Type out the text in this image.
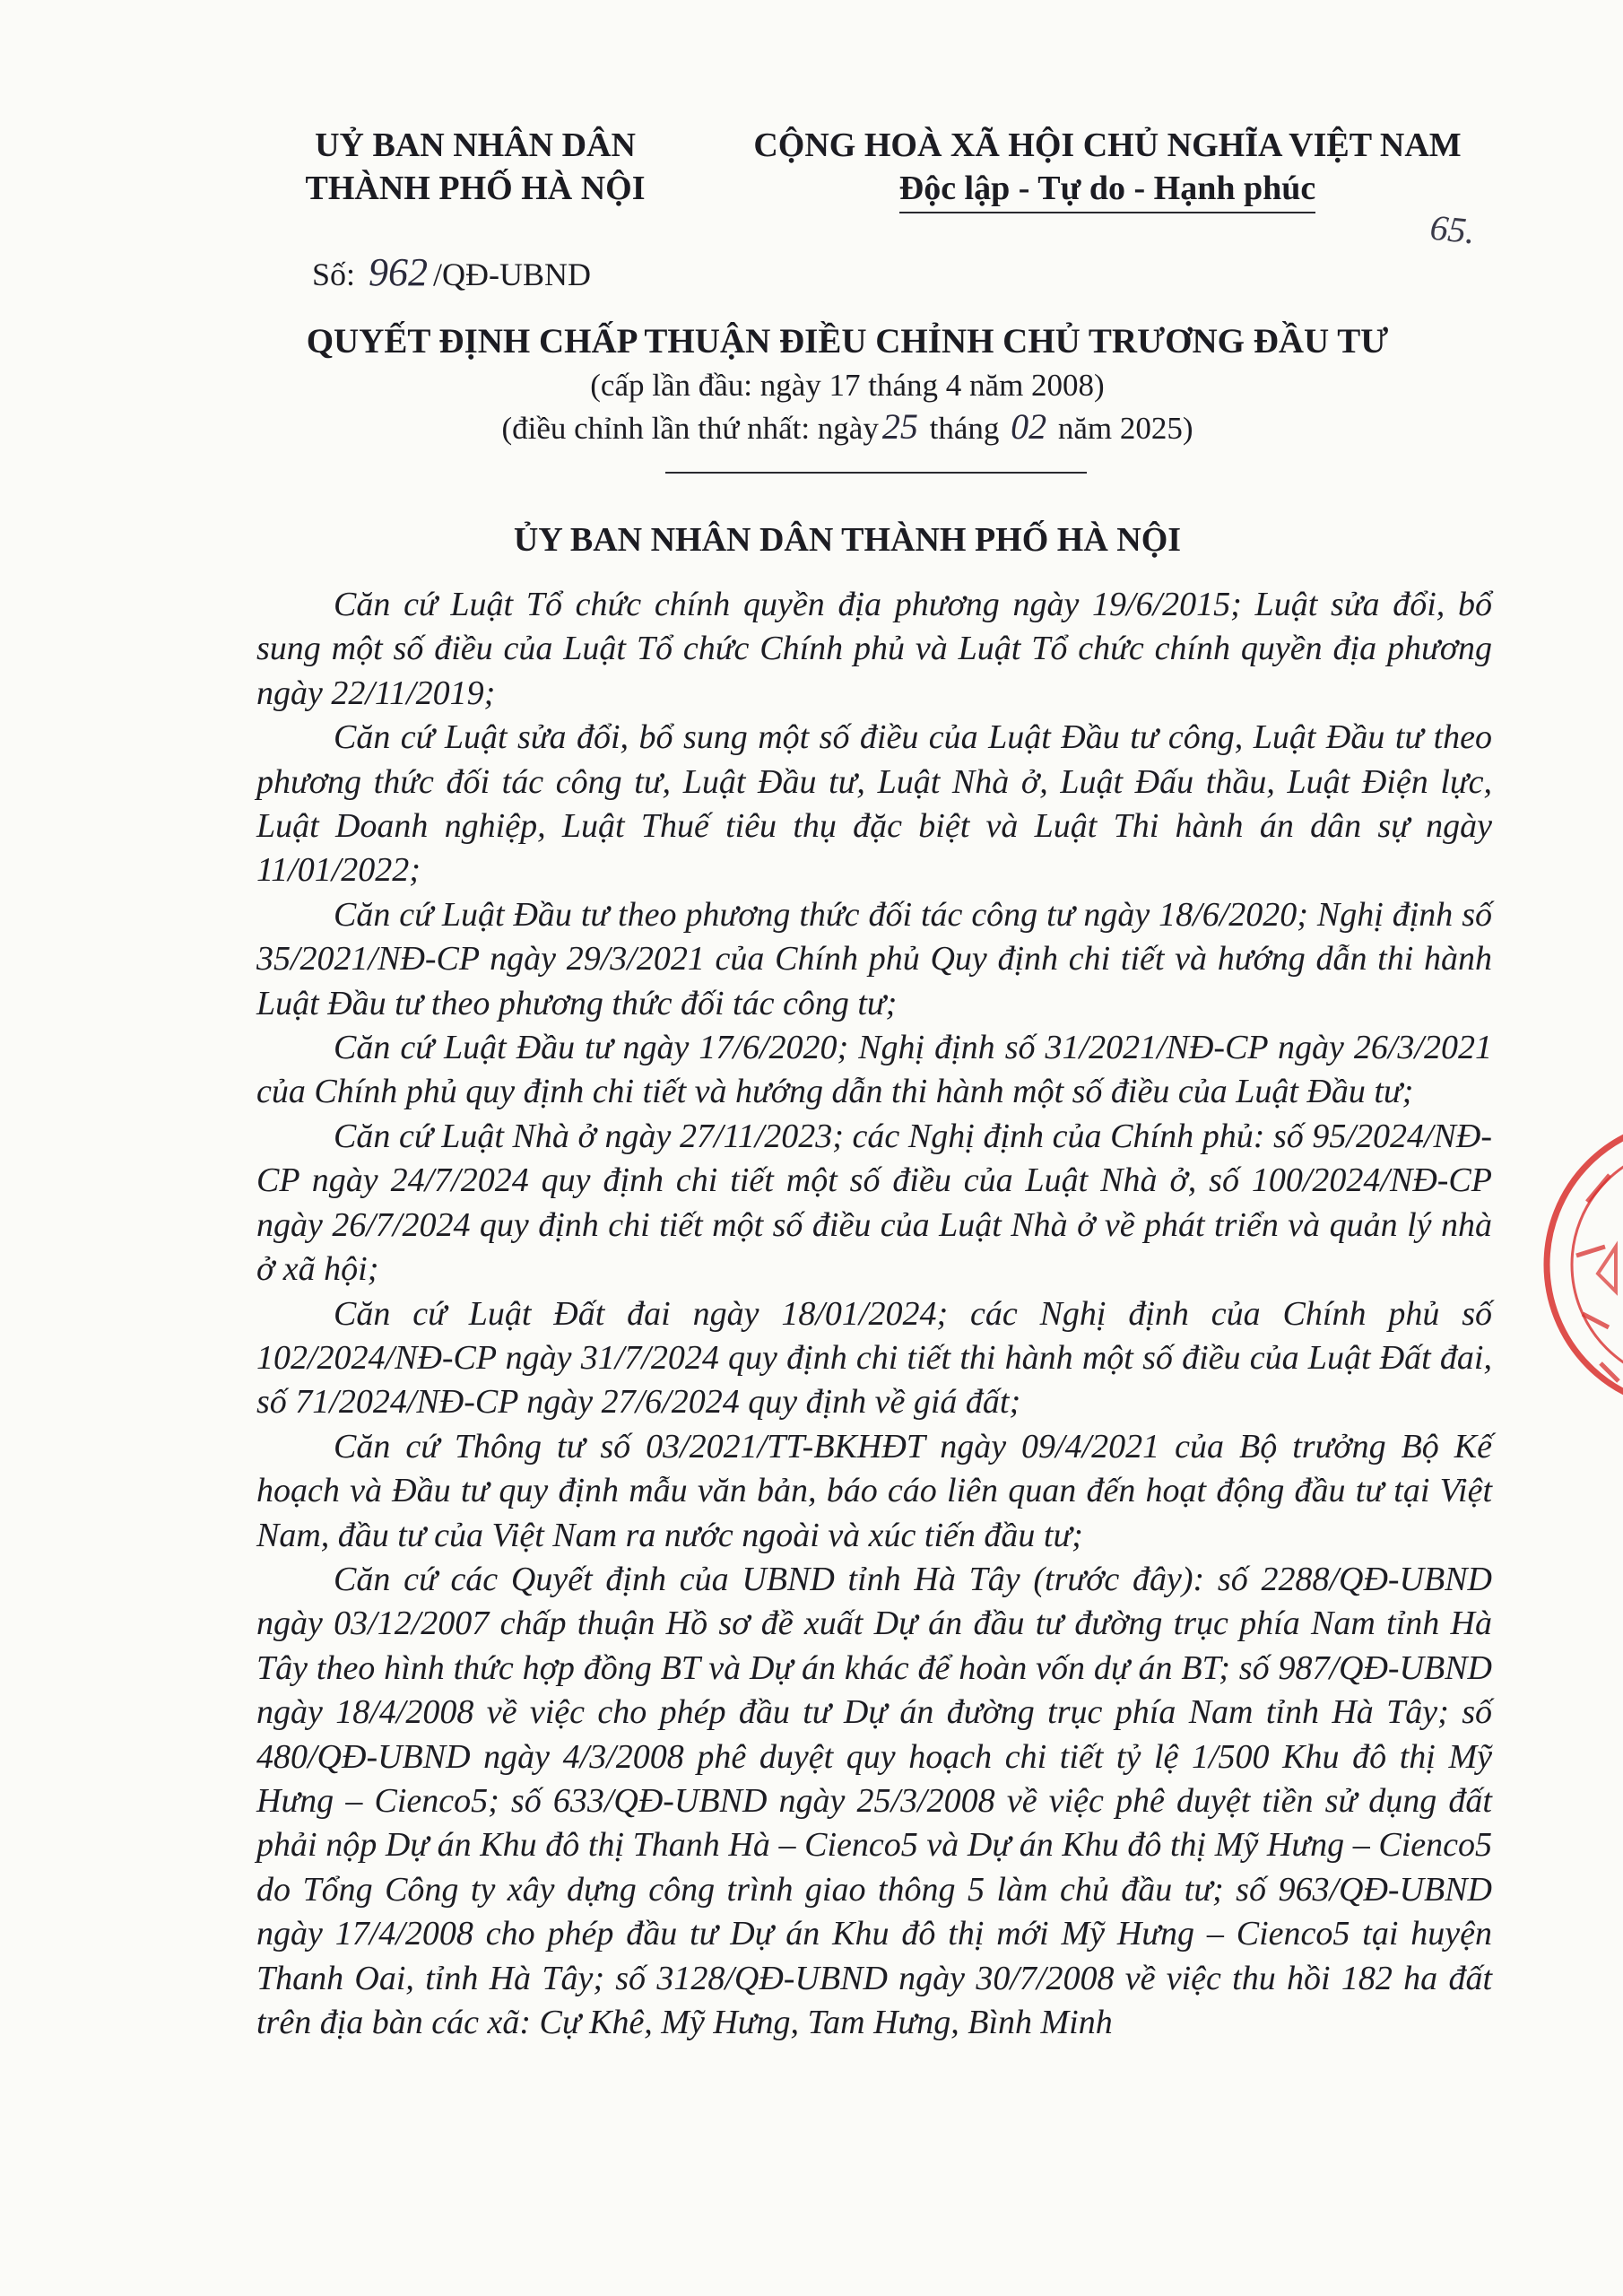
UỶ BAN NHÂN DÂN
THÀNH PHỐ HÀ NỘI
CỘNG HOÀ XÃ HỘI CHỦ NGHĨA VIỆT NAM
Độc lập - Tự do - Hạnh phúc
65.
Số: 962 /QĐ-UBND
QUYẾT ĐỊNH CHẤP THUẬN ĐIỀU CHỈNH CHỦ TRƯƠNG ĐẦU TƯ
(cấp lần đầu: ngày 17 tháng 4 năm 2008)
(điều chỉnh lần thứ nhất: ngày 25 tháng 02 năm 2025)
ỦY BAN NHÂN DÂN THÀNH PHỐ HÀ NỘI

Căn cứ Luật Tổ chức chính quyền địa phương ngày 19/6/2015; Luật sửa đổi, bổ sung một số điều của Luật Tổ chức Chính phủ và Luật Tổ chức chính quyền địa phương ngày 22/11/2019;

Căn cứ Luật sửa đổi, bổ sung một số điều của Luật Đầu tư công, Luật Đầu tư theo phương thức đối tác công tư, Luật Đầu tư, Luật Nhà ở, Luật Đấu thầu, Luật Điện lực, Luật Doanh nghiệp, Luật Thuế tiêu thụ đặc biệt và Luật Thi hành án dân sự ngày 11/01/2022;

Căn cứ Luật Đầu tư theo phương thức đối tác công tư ngày 18/6/2020; Nghị định số 35/2021/NĐ-CP ngày 29/3/2021 của Chính phủ Quy định chi tiết và hướng dẫn thi hành Luật Đầu tư theo phương thức đối tác công tư;

Căn cứ Luật Đầu tư ngày 17/6/2020; Nghị định số 31/2021/NĐ-CP ngày 26/3/2021 của Chính phủ quy định chi tiết và hướng dẫn thi hành một số điều của Luật Đầu tư;

Căn cứ Luật Nhà ở ngày 27/11/2023; các Nghị định của Chính phủ: số 95/2024/NĐ-CP ngày 24/7/2024 quy định chi tiết một số điều của Luật Nhà ở, số 100/2024/NĐ-CP ngày 26/7/2024 quy định chi tiết một số điều của Luật Nhà ở về phát triển và quản lý nhà ở xã hội;

Căn cứ Luật Đất đai ngày 18/01/2024; các Nghị định của Chính phủ số 102/2024/NĐ-CP ngày 31/7/2024 quy định chi tiết thi hành một số điều của Luật Đất đai, số 71/2024/NĐ-CP ngày 27/6/2024 quy định về giá đất;

Căn cứ Thông tư số 03/2021/TT-BKHĐT ngày 09/4/2021 của Bộ trưởng Bộ Kế hoạch và Đầu tư quy định mẫu văn bản, báo cáo liên quan đến hoạt động đầu tư tại Việt Nam, đầu tư của Việt Nam ra nước ngoài và xúc tiến đầu tư;

Căn cứ các Quyết định của UBND tỉnh Hà Tây (trước đây): số 2288/QĐ-UBND ngày 03/12/2007 chấp thuận Hồ sơ đề xuất Dự án đầu tư đường trục phía Nam tỉnh Hà Tây theo hình thức hợp đồng BT và Dự án khác để hoàn vốn dự án BT; số 987/QĐ-UBND ngày 18/4/2008 về việc cho phép đầu tư Dự án đường trục phía Nam tỉnh Hà Tây; số 480/QĐ-UBND ngày 4/3/2008 phê duyệt quy hoạch chi tiết tỷ lệ 1/500 Khu đô thị Mỹ Hưng – Cienco5; số 633/QĐ-UBND ngày 25/3/2008 về việc phê duyệt tiền sử dụng đất phải nộp Dự án Khu đô thị Thanh Hà – Cienco5 và Dự án Khu đô thị Mỹ Hưng – Cienco5 do Tổng Công ty xây dựng công trình giao thông 5 làm chủ đầu tư; số 963/QĐ-UBND ngày 17/4/2008 cho phép đầu tư Dự án Khu đô thị mới Mỹ Hưng – Cienco5 tại huyện Thanh Oai, tỉnh Hà Tây; số 3128/QĐ-UBND ngày 30/7/2008 về việc thu hồi 182 ha đất trên địa bàn các xã: Cự Khê, Mỹ Hưng, Tam Hưng, Bình Minh
